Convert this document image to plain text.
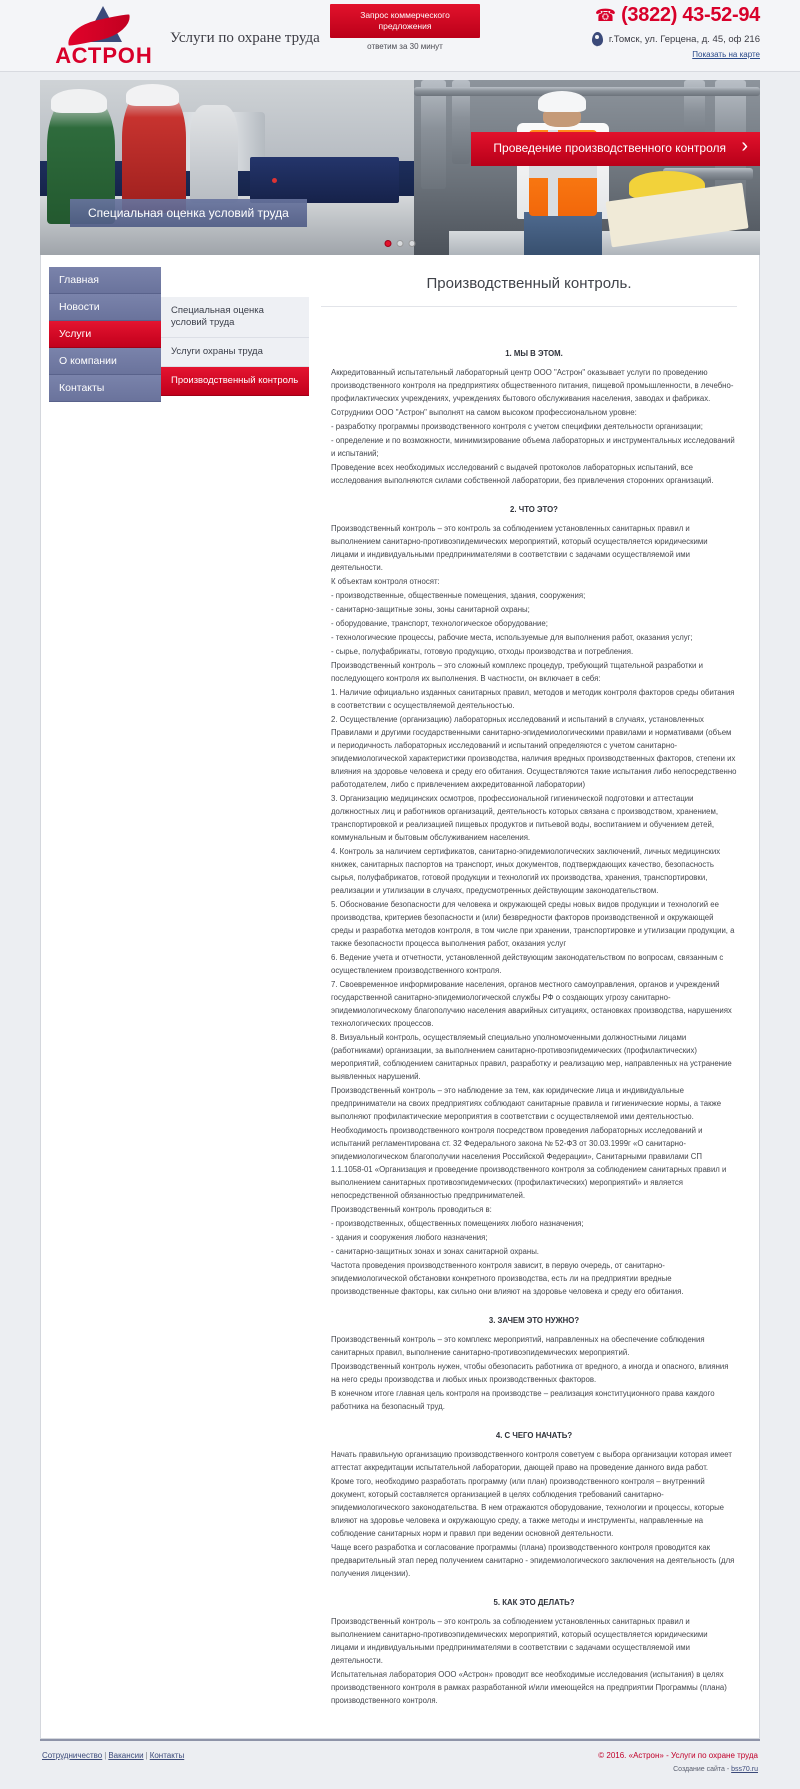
АСТРОН
Услуги по охране труда
Запрос коммерческого предложения
ответим за 30 минут
☎ (3822) 43-52-94
г.Томск, ул. Герцена, д. 45, оф 216
Показать на карте
›
Проведение производственного контроля
Специальная оценка условий труда
Главная
Новости
Услуги
О компании
Контакты
Специальная оценка условий труда
Услуги охраны труда
Производственный контроль
Производственный контроль.
1. МЫ В ЭТОМ.

Аккредитованный испытательный лабораторный центр ООО "Астрон" оказывает услуги по проведению производственного контроля на предприятиях общественного питания, пищевой промышленности, в лечебно-профилактических учреждениях, учреждениях бытового обслуживания населения, заводах и фабриках.

Сотрудники ООО "Астрон" выполнят на самом высоком профессиональном уровне:

- разработку программы производственного контроля с учетом специфики деятельности организации;

- определение и по возможности, минимизирование объема лабораторных и инструментальных исследований и испытаний;

Проведение всех необходимых исследований с выдачей протоколов лабораторных испытаний, все исследования выполняются силами собственной лаборатории, без привлечения сторонних организаций.

2. ЧТО ЭТО?

Производственный контроль – это контроль за соблюдением установленных санитарных правил и выполнением санитарно-противоэпидемических мероприятий, который осуществляется юридическими лицами и индивидуальными предпринимателями в соответствии с задачами осуществляемой ими деятельности.

К объектам контроля относят:

- производственные, общественные помещения, здания, сооружения;

- санитарно-защитные зоны, зоны санитарной охраны;

- оборудование, транспорт, технологическое оборудование;

- технологические процессы, рабочие места, используемые для выполнения работ, оказания услуг;

- сырье, полуфабрикаты, готовую продукцию, отходы производства и потребления.

Производственный контроль – это сложный комплекс процедур, требующий тщательной разработки и последующего контроля их выполнения. В частности, он включает в себя:

1. Наличие официально изданных санитарных правил, методов и методик контроля факторов среды обитания в соответствии с осуществляемой деятельностью.

2. Осуществление (организацию) лабораторных исследований и испытаний в случаях, установленных Правилами и другими государственными санитарно-эпидемиологическими правилами и нормативами (объем и периодичность лабораторных исследований и испытаний определяются с учетом санитарно-эпидемиологической характеристики производства, наличия вредных производственных факторов, степени их влияния на здоровье человека и среду его обитания. Осуществляются такие испытания либо непосредственно работодателем, либо с привлечением аккредитованной лаборатории)

3. Организацию медицинских осмотров, профессиональной гигиенической подготовки и аттестации должностных лиц и работников организаций, деятельность которых связана с производством, хранением, транспортировкой и реализацией пищевых продуктов и питьевой воды, воспитанием и обучением детей, коммунальным и бытовым обслуживанием населения.

4. Контроль за наличием сертификатов, санитарно-эпидемиологических заключений, личных медицинских книжек, санитарных паспортов на транспорт, иных документов, подтверждающих качество, безопасность сырья, полуфабрикатов, готовой продукции и технологий их производства, хранения, транспортировки, реализации и утилизации в случаях, предусмотренных действующим законодательством.

5. Обоснование безопасности для человека и окружающей среды новых видов продукции и технологий ее производства, критериев безопасности и (или) безвредности факторов производственной и окружающей среды и разработка методов контроля, в том числе при хранении, транспортировке и утилизации продукции, а также безопасности процесса выполнения работ, оказания услуг

6. Ведение учета и отчетности, установленной действующим законодательством по вопросам, связанным с осуществлением производственного контроля.

7. Своевременное информирование населения, органов местного самоуправления, органов и учреждений государственной санитарно-эпидемиологической службы РФ о создающих угрозу санитарно-эпидемиологическому благополучию населения аварийных ситуациях, остановках производства, нарушениях технологических процессов.

8. Визуальный контроль, осуществляемый специально уполномоченными должностными лицами (работниками) организации, за выполнением санитарно-противоэпидемических (профилактических) мероприятий, соблюдением санитарных правил, разработку и реализацию мер, направленных на устранение выявленных нарушений.

Производственный контроль – это наблюдение за тем, как юридические лица и индивидуальные предприниматели на своих предприятиях соблюдают санитарные правила и гигиенические нормы, а также выполняют профилактические мероприятия в соответствии с осуществляемой ими деятельностью.

Необходимость производственного контроля посредством проведения лабораторных исследований и испытаний регламентирована ст. 32 Федерального закона № 52-ФЗ от 30.03.1999г «О санитарно-эпидемиологическом благополучии населения Российской Федерации», Санитарными правилами СП 1.1.1058-01 «Организация и проведение производственного контроля за соблюдением санитарных правил и выполнением санитарных противоэпидемических (профилактических) мероприятий» и является непосредственной обязанностью предпринимателей.

Производственный контроль проводиться в:

- производственных, общественных помещениях любого назначения;

- здания и сооружения любого назначения;

- санитарно-защитных зонах и зонах санитарной охраны.

Частота проведения производственного контроля зависит, в первую очередь, от санитарно-эпидемиологической обстановки конкретного производства, есть ли на предприятии вредные производственные факторы, как сильно они влияют на здоровье человека и среду его обитания.

3. ЗАЧЕМ ЭТО НУЖНО?

Производственный контроль – это комплекс мероприятий, направленных на обеспечение соблюдения санитарных правил, выполнение санитарно-противоэпидемических мероприятий.

Производственный контроль нужен, чтобы обезопасить работника от вредного, а иногда и опасного, влияния на него среды производства и любых иных производственных факторов.

В конечном итоге главная цель контроля на производстве – реализация конституционного права каждого работника на безопасный труд.

4. С ЧЕГО НАЧАТЬ?

Начать правильную организацию производственного контроля советуем с выбора организации которая имеет аттестат аккредитации испытательной лаборатории, дающей право на проведение данного вида работ.

Кроме того, необходимо разработать программу (или план) производственного контроля – внутренний документ, который составляется организацией в целях соблюдения требований санитарно-эпидемиологического законодательства. В нем отражаются оборудование, технологии и процессы, которые влияют на здоровье человека и окружающую среду, а также методы и инструменты, направленные на соблюдение санитарных норм и правил при ведении основной деятельности.

Чаще всего разработка и согласование программы (плана) производственного контроля проводится как предварительный этап перед получением санитарно - эпидемиологического заключения на деятельность (для получения лицензии).

5. КАК ЭТО ДЕЛАТЬ?

Производственный контроль – это контроль за соблюдением установленных санитарных правил и выполнением санитарно-противоэпидемических мероприятий, который осуществляется юридическими лицами и индивидуальными предпринимателями в соответствии с задачами осуществляемой ими деятельности.

Испытательная лаборатория ООО «Астрон» проводит все необходимые исследования (испытания) в целях производственного контроля в рамках разработанной и/или имеющейся на предприятии Программы (плана) производственного контроля.

Сотрудничество | Вакансии | Контакты	© 2016. «Астрон» - Услуги по охране труда
Создание сайта - bss70.ru
